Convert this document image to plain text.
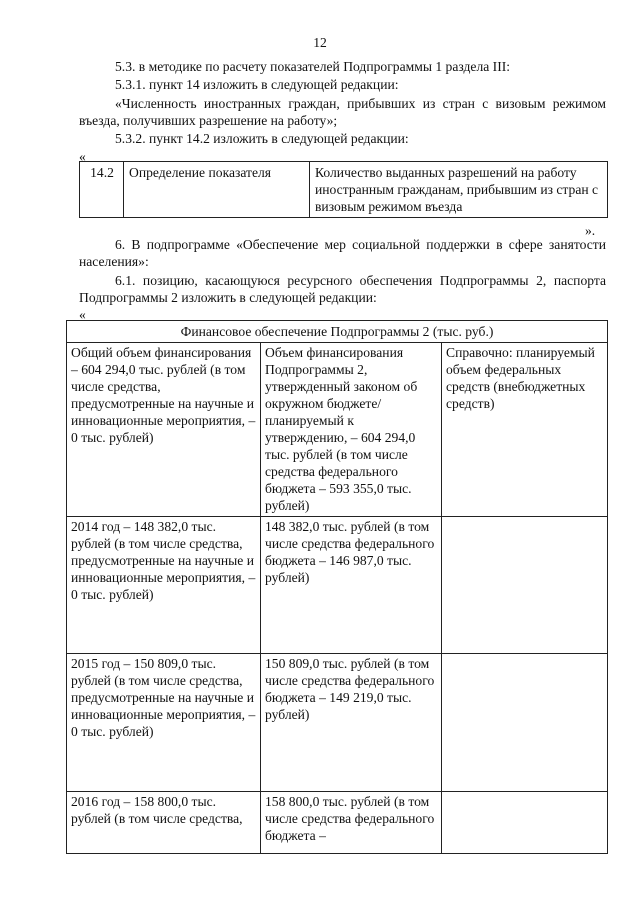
12
5.3. в методике по расчету показателей Подпрограммы 1 раздела III:
5.3.1. пункт 14 изложить в следующей редакции:
«Численность иностранных граждан, прибывших из стран с визовым режимом въезда, получивших разрешение на работу»;
5.3.2. пункт 14.2 изложить в следующей редакции:
«
14.2	Определение показателя	Количество выданных разрешений на работу иностранным гражданам, прибывшим из стран с визовым режимом въезда
».
6. В подпрограмме «Обеспечение мер социальной поддержки в сфере занятости населения»:
6.1. позицию, касающуюся ресурсного обеспечения Подпрограммы 2, паспорта Подпрограммы 2 изложить в следующей редакции:
«
Финансовое обеспечение Подпрограммы 2 (тыс. руб.)		
Общий объем финансирования – 604 294,0 тыс. рублей (в том числе средства, предусмотренные на научные и инновационные мероприятия, – 0 тыс. рублей)	Объем финансирования Подпрограммы 2, утвержденный законом об окружном бюджете/ планируемый к утверждению, – 604 294,0 тыс. рублей (в том числе средства федерального бюджета – 593 355,0 тыс. рублей)	Справочно: планируемый объем федеральных средств (внебюджетных средств)
2014 год – 148 382,0 тыс. рублей (в том числе средства, предусмотренные на научные и инновационные мероприятия, – 0 тыс. рублей)	148 382,0 тыс. рублей (в том числе средства федерального бюджета – 146 987,0 тыс. рублей)	
2015 год – 150 809,0 тыс. рублей (в том числе средства, предусмотренные на научные и инновационные мероприятия, – 0 тыс. рублей)	150 809,0 тыс. рублей (в том числе средства федерального бюджета – 149 219,0 тыс. рублей)	
2016 год – 158 800,0 тыс. рублей (в том числе средства,	158 800,0 тыс. рублей (в том числе средства федерального бюджета –	
